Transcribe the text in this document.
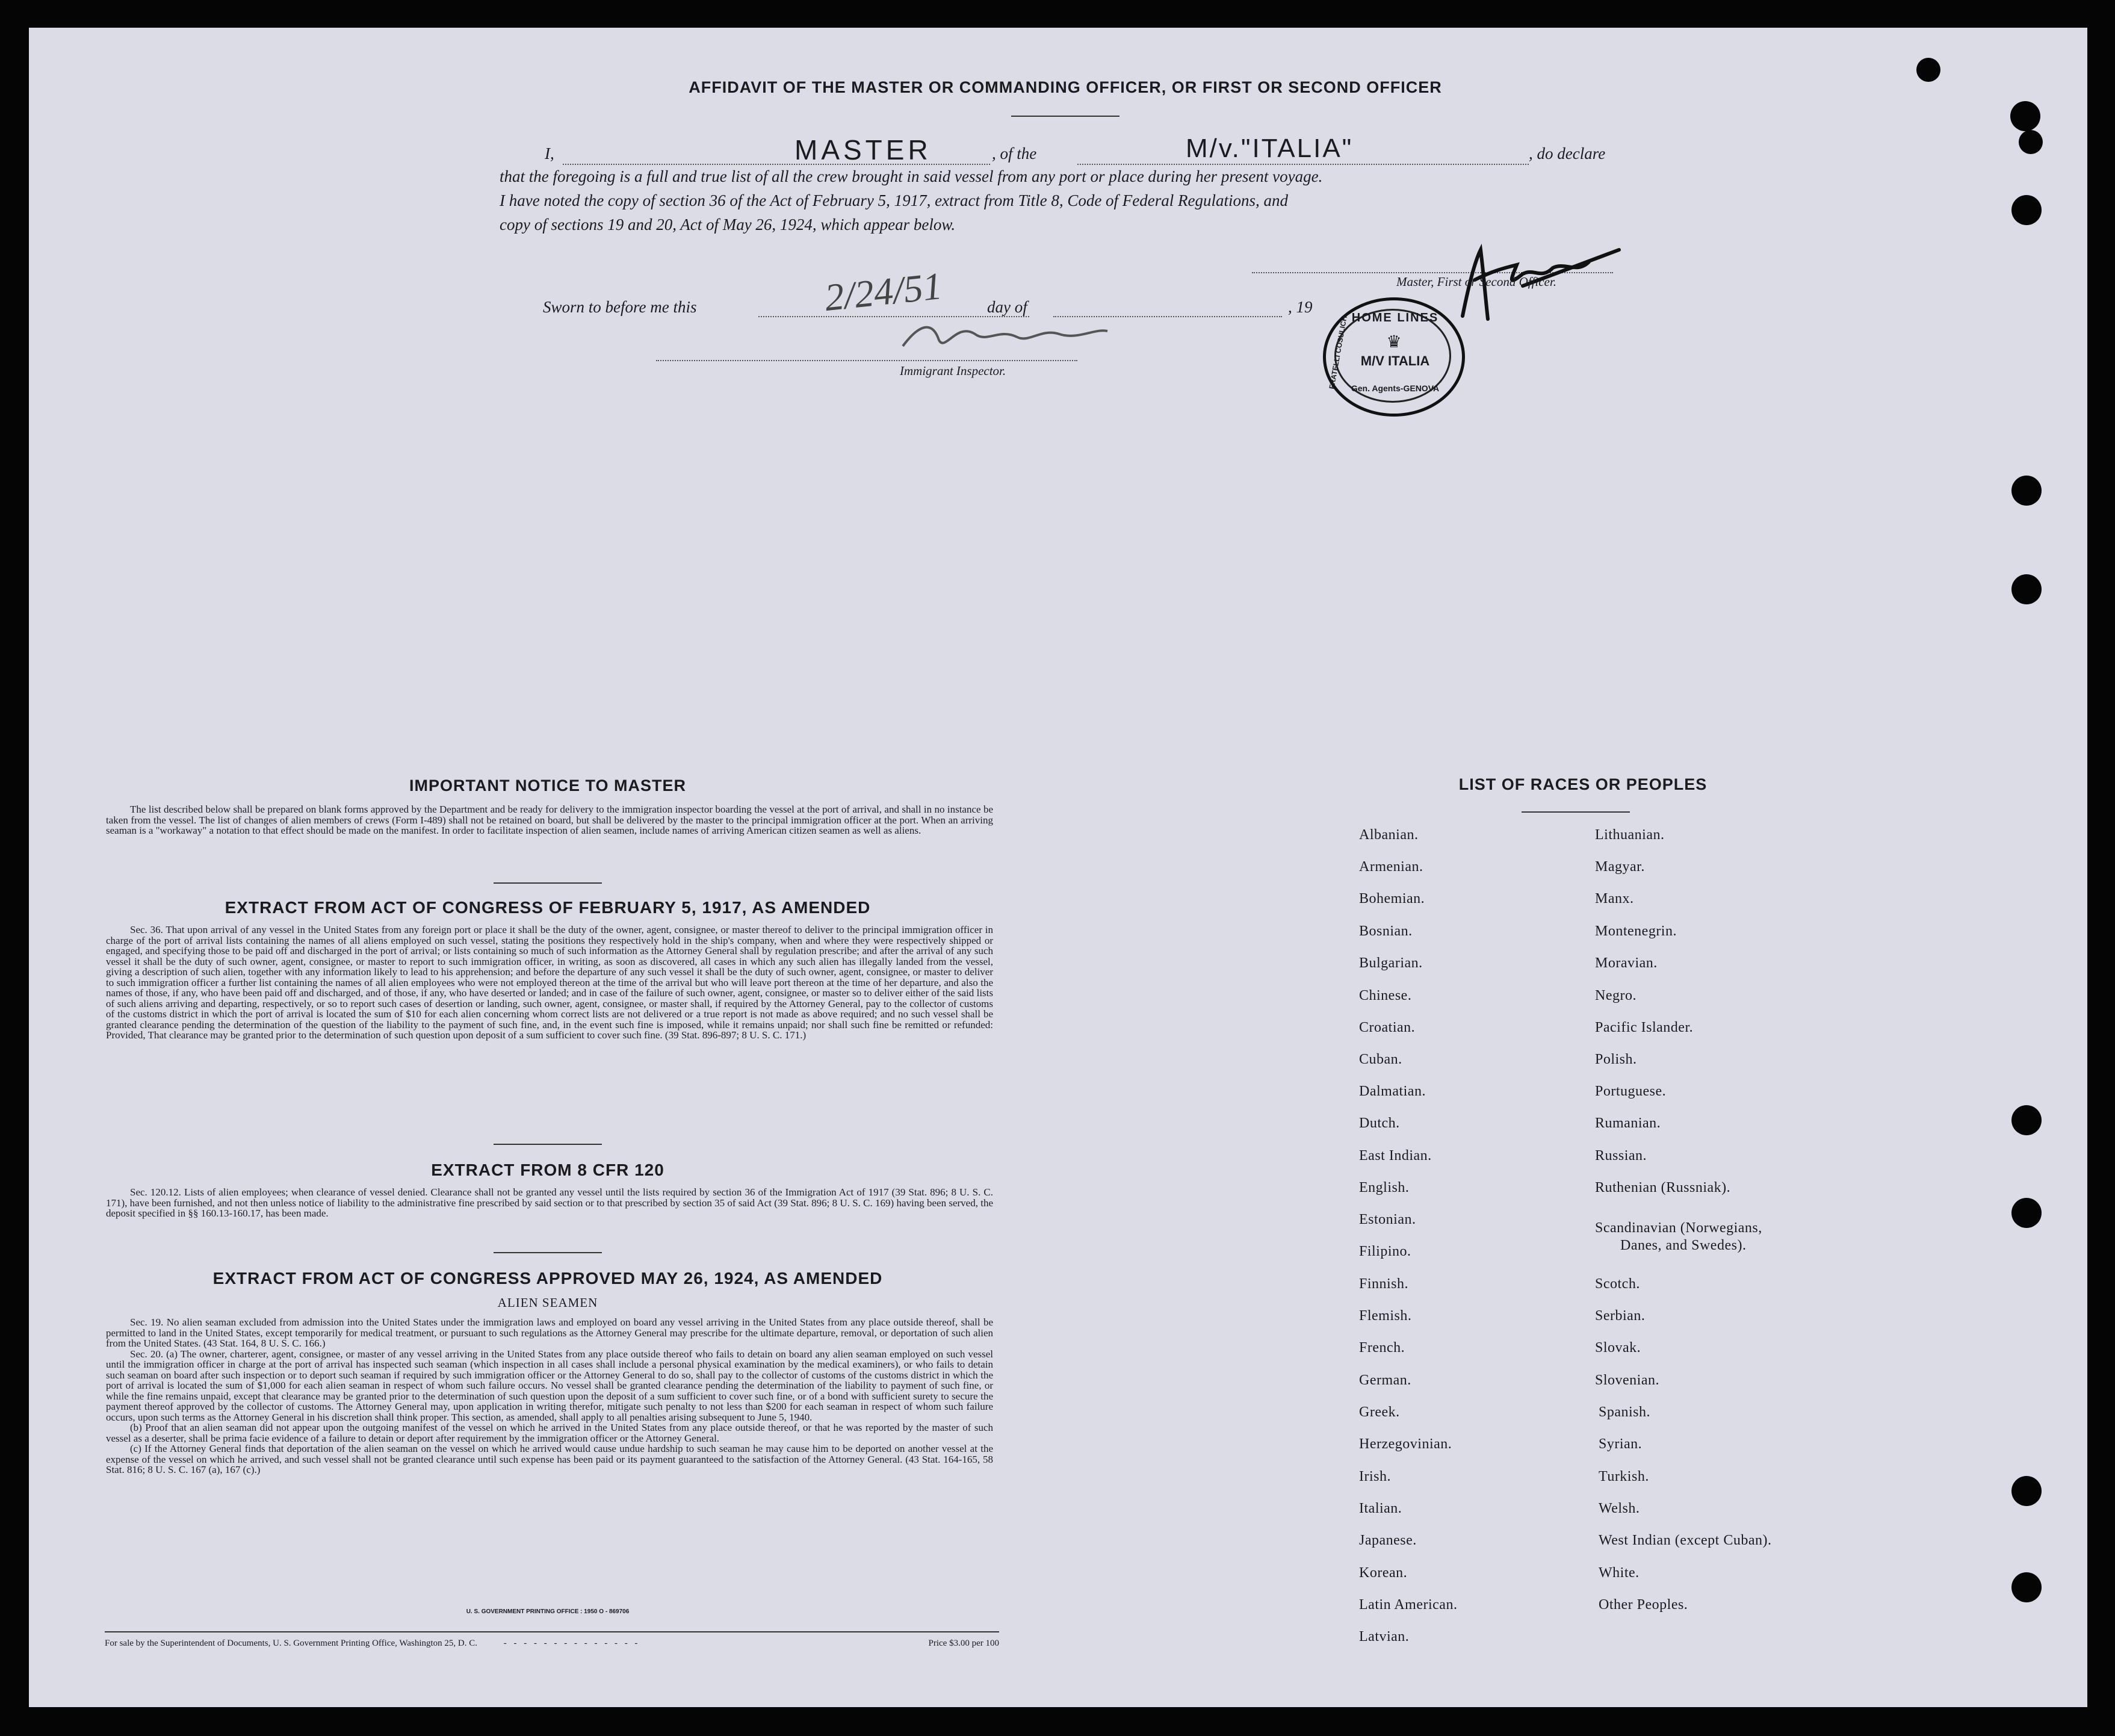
AFFIDAVIT OF THE MASTER OR COMMANDING OFFICER, OR FIRST OR SECOND OFFICER
I,	MASTER	, of the	M/v."ITALIA"	, do declare
that the foregoing is a full and true list of all the crew brought in said vessel from any port or place during her present voyage.
I have noted the copy of section 36 of the Act of February 5, 1917, extract from Title 8, Code of Federal Regulations, and
copy of sections 19 and 20, Act of May 26, 1924, which appear below.
Master, First or Second Officer.
Sworn to before me this	2/24/51	day of	, 19
Immigrant Inspector.
HOME LINES
♛
M/V ITALIA
FRATELLI COSULICH Gen. Agents-GENOVA
IMPORTANT NOTICE TO MASTER

The list described below shall be prepared on blank forms approved by the Department and be ready for delivery to the immigration inspector boarding the vessel at the port of arrival, and shall in no instance be taken from the vessel. The list of changes of alien members of crews (Form I-489) shall not be retained on board, but shall be delivered by the master to the principal immigration officer at the port. When an arriving seaman is a "workaway" a notation to that effect should be made on the manifest. In order to facilitate inspection of alien seamen, include names of arriving American citizen seamen as well as aliens.

EXTRACT FROM ACT OF CONGRESS OF FEBRUARY 5, 1917, AS AMENDED

Sec. 36. That upon arrival of any vessel in the United States from any foreign port or place it shall be the duty of the owner, agent, consignee, or master thereof to deliver to the principal immigration officer in charge of the port of arrival lists containing the names of all aliens employed on such vessel, stating the positions they respectively hold in the ship's company, when and where they were respectively shipped or engaged, and specifying those to be paid off and discharged in the port of arrival; or lists containing so much of such information as the Attorney General shall by regulation prescribe; and after the arrival of any such vessel it shall be the duty of such owner, agent, consignee, or master to report to such immigration officer, in writing, as soon as discovered, all cases in which any such alien has illegally landed from the vessel, giving a description of such alien, together with any information likely to lead to his apprehension; and before the departure of any such vessel it shall be the duty of such owner, agent, consignee, or master to deliver to such immigration officer a further list containing the names of all alien employees who were not employed thereon at the time of the arrival but who will leave port thereon at the time of her departure, and also the names of those, if any, who have been paid off and discharged, and of those, if any, who have deserted or landed; and in case of the failure of such owner, agent, consignee, or master so to deliver either of the said lists of such aliens arriving and departing, respectively, or so to report such cases of desertion or landing, such owner, agent, consignee, or master shall, if required by the Attorney General, pay to the collector of customs of the customs district in which the port of arrival is located the sum of $10 for each alien concerning whom correct lists are not delivered or a true report is not made as above required; and no such vessel shall be granted clearance pending the determination of the question of the liability to the payment of such fine, and, in the event such fine is imposed, while it remains unpaid; nor shall such fine be remitted or refunded: Provided, That clearance may be granted prior to the determination of such question upon deposit of a sum sufficient to cover such fine. (39 Stat. 896-897; 8 U. S. C. 171.)

EXTRACT FROM 8 CFR 120

Sec. 120.12. Lists of alien employees; when clearance of vessel denied. Clearance shall not be granted any vessel until the lists required by section 36 of the Immigration Act of 1917 (39 Stat. 896; 8 U. S. C. 171), have been furnished, and not then unless notice of liability to the administrative fine prescribed by said section or to that prescribed by section 35 of said Act (39 Stat. 896; 8 U. S. C. 169) having been served, the deposit specified in §§ 160.13-160.17, has been made.

EXTRACT FROM ACT OF CONGRESS APPROVED MAY 26, 1924, AS AMENDED
ALIEN SEAMEN

Sec. 19. No alien seaman excluded from admission into the United States under the immigration laws and employed on board any vessel arriving in the United States from any place outside thereof, shall be permitted to land in the United States, except temporarily for medical treatment, or pursuant to such regulations as the Attorney General may prescribe for the ultimate departure, removal, or deportation of such alien from the United States. (43 Stat. 164, 8 U. S. C. 166.)

Sec. 20. (a) The owner, charterer, agent, consignee, or master of any vessel arriving in the United States from any place outside thereof who fails to detain on board any alien seaman employed on such vessel until the immigration officer in charge at the port of arrival has inspected such seaman (which inspection in all cases shall include a personal physical examination by the medical examiners), or who fails to detain such seaman on board after such inspection or to deport such seaman if required by such immigration officer or the Attorney General to do so, shall pay to the collector of customs of the customs district in which the port of arrival is located the sum of $1,000 for each alien seaman in respect of whom such failure occurs. No vessel shall be granted clearance pending the determination of the liability to payment of such fine, or while the fine remains unpaid, except that clearance may be granted prior to the determination of such question upon the deposit of a sum sufficient to cover such fine, or of a bond with sufficient surety to secure the payment thereof approved by the collector of customs. The Attorney General may, upon application in writing therefor, mitigate such penalty to not less than $200 for each seaman in respect of whom such failure occurs, upon such terms as the Attorney General in his discretion shall think proper. This section, as amended, shall apply to all penalties arising subsequent to June 5, 1940.

(b) Proof that an alien seaman did not appear upon the outgoing manifest of the vessel on which he arrived in the United States from any place outside thereof, or that he was reported by the master of such vessel as a deserter, shall be prima facie evidence of a failure to detain or deport after requirement by the immigration officer or the Attorney General.

(c) If the Attorney General finds that deportation of the alien seaman on the vessel on which he arrived would cause undue hardship to such seaman he may cause him to be deported on another vessel at the expense of the vessel on which he arrived, and such vessel shall not be granted clearance until such expense has been paid or its payment guaranteed to the satisfaction of the Attorney General. (43 Stat. 164-165, 58 Stat. 816; 8 U. S. C. 167 (a), 167 (c).)

U. S. GOVERNMENT PRINTING OFFICE : 1950 O - 869706
For sale by the Superintendent of Documents, U. S. Government Printing Office, Washington 25, D. C.	- - - - - - - - - - - - - -	Price $3.00 per 100
LIST OF RACES OR PEOPLES
Albanian.
Armenian.
Bohemian.
Bosnian.
Bulgarian.
Chinese.
Croatian.
Cuban.
Dalmatian.
Dutch.
East Indian.
English.
Estonian.
Filipino.
Finnish.
Flemish.
French.
German.
Greek.
Herzegovinian.
Irish.
Italian.
Japanese.
Korean.
Latin American.
Latvian.
Lithuanian.
Magyar.
Manx.
Montenegrin.
Moravian.
Negro.
Pacific Islander.
Polish.
Portuguese.
Rumanian.
Russian.
Ruthenian (Russniak).
Scandinavian (Norwegians,
Danes, and Swedes).
Scotch.
Serbian.
Slovak.
Slovenian.
Spanish.
Syrian.
Turkish.
Welsh.
West Indian (except Cuban).
White.
Other Peoples.
